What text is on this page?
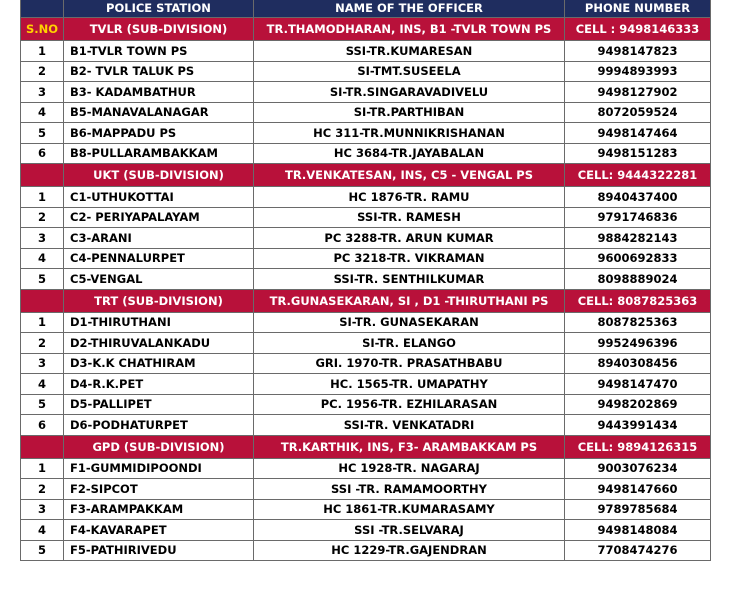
	POLICE STATION	NAME OF THE OFFICER	PHONE NUMBER
S.NO	TVLR (SUB-DIVISION)	TR.THAMODHARAN, INS, B1 -TVLR TOWN PS	CELL : 9498146333
1	B1-TVLR TOWN PS	SSI-TR.KUMARESAN	9498147823
2	B2- TVLR TALUK PS	SI-TMT.SUSEELA	9994893993
3	B3- KADAMBATHUR	SI-TR.SINGARAVADIVELU	9498127902
4	B5-MANAVALANAGAR	SI-TR.PARTHIBAN	8072059524
5	B6-MAPPADU PS	HC 311-TR.MUNNIKRISHANAN	9498147464
6	B8-PULLARAMBAKKAM	HC 3684-TR.JAYABALAN	9498151283
	UKT (SUB-DIVISION)	TR.VENKATESAN, INS, C5 - VENGAL PS	CELL: 9444322281
1	C1-UTHUKOTTAI	HC 1876-TR. RAMU	8940437400
2	C2- PERIYAPALAYAM	SSI-TR. RAMESH	9791746836
3	C3-ARANI	PC 3288-TR. ARUN KUMAR	9884282143
4	C4-PENNALURPET	PC 3218-TR. VIKRAMAN	9600692833
5	C5-VENGAL	SSI-TR. SENTHILKUMAR	8098889024
	TRT (SUB-DIVISION)	TR.GUNASEKARAN, SI , D1 -THIRUTHANI PS	CELL: 8087825363
1	D1-THIRUTHANI	SI-TR. GUNASEKARAN	8087825363
2	D2-THIRUVALANKADU	SI-TR. ELANGO	9952496396
3	D3-K.K CHATHIRAM	GRI. 1970-TR. PRASATHBABU	8940308456
4	D4-R.K.PET	HC. 1565-TR. UMAPATHY	9498147470
5	D5-PALLIPET	PC. 1956-TR. EZHILARASAN	9498202869
6	D6-PODHATURPET	SSI-TR. VENKATADRI	9443991434
	GPD (SUB-DIVISION)	TR.KARTHIK, INS, F3- ARAMBAKKAM PS	CELL: 9894126315
1	F1-GUMMIDIPOONDI	HC 1928-TR. NAGARAJ	9003076234
2	F2-SIPCOT	SSI -TR. RAMAMOORTHY	9498147660
3	F3-ARAMPAKKAM	HC 1861-TR.KUMARASAMY	9789785684
4	F4-KAVARAPET	SSI -TR.SELVARAJ	9498148084
5	F5-PATHIRIVEDU	HC 1229-TR.GAJENDRAN	7708474276
